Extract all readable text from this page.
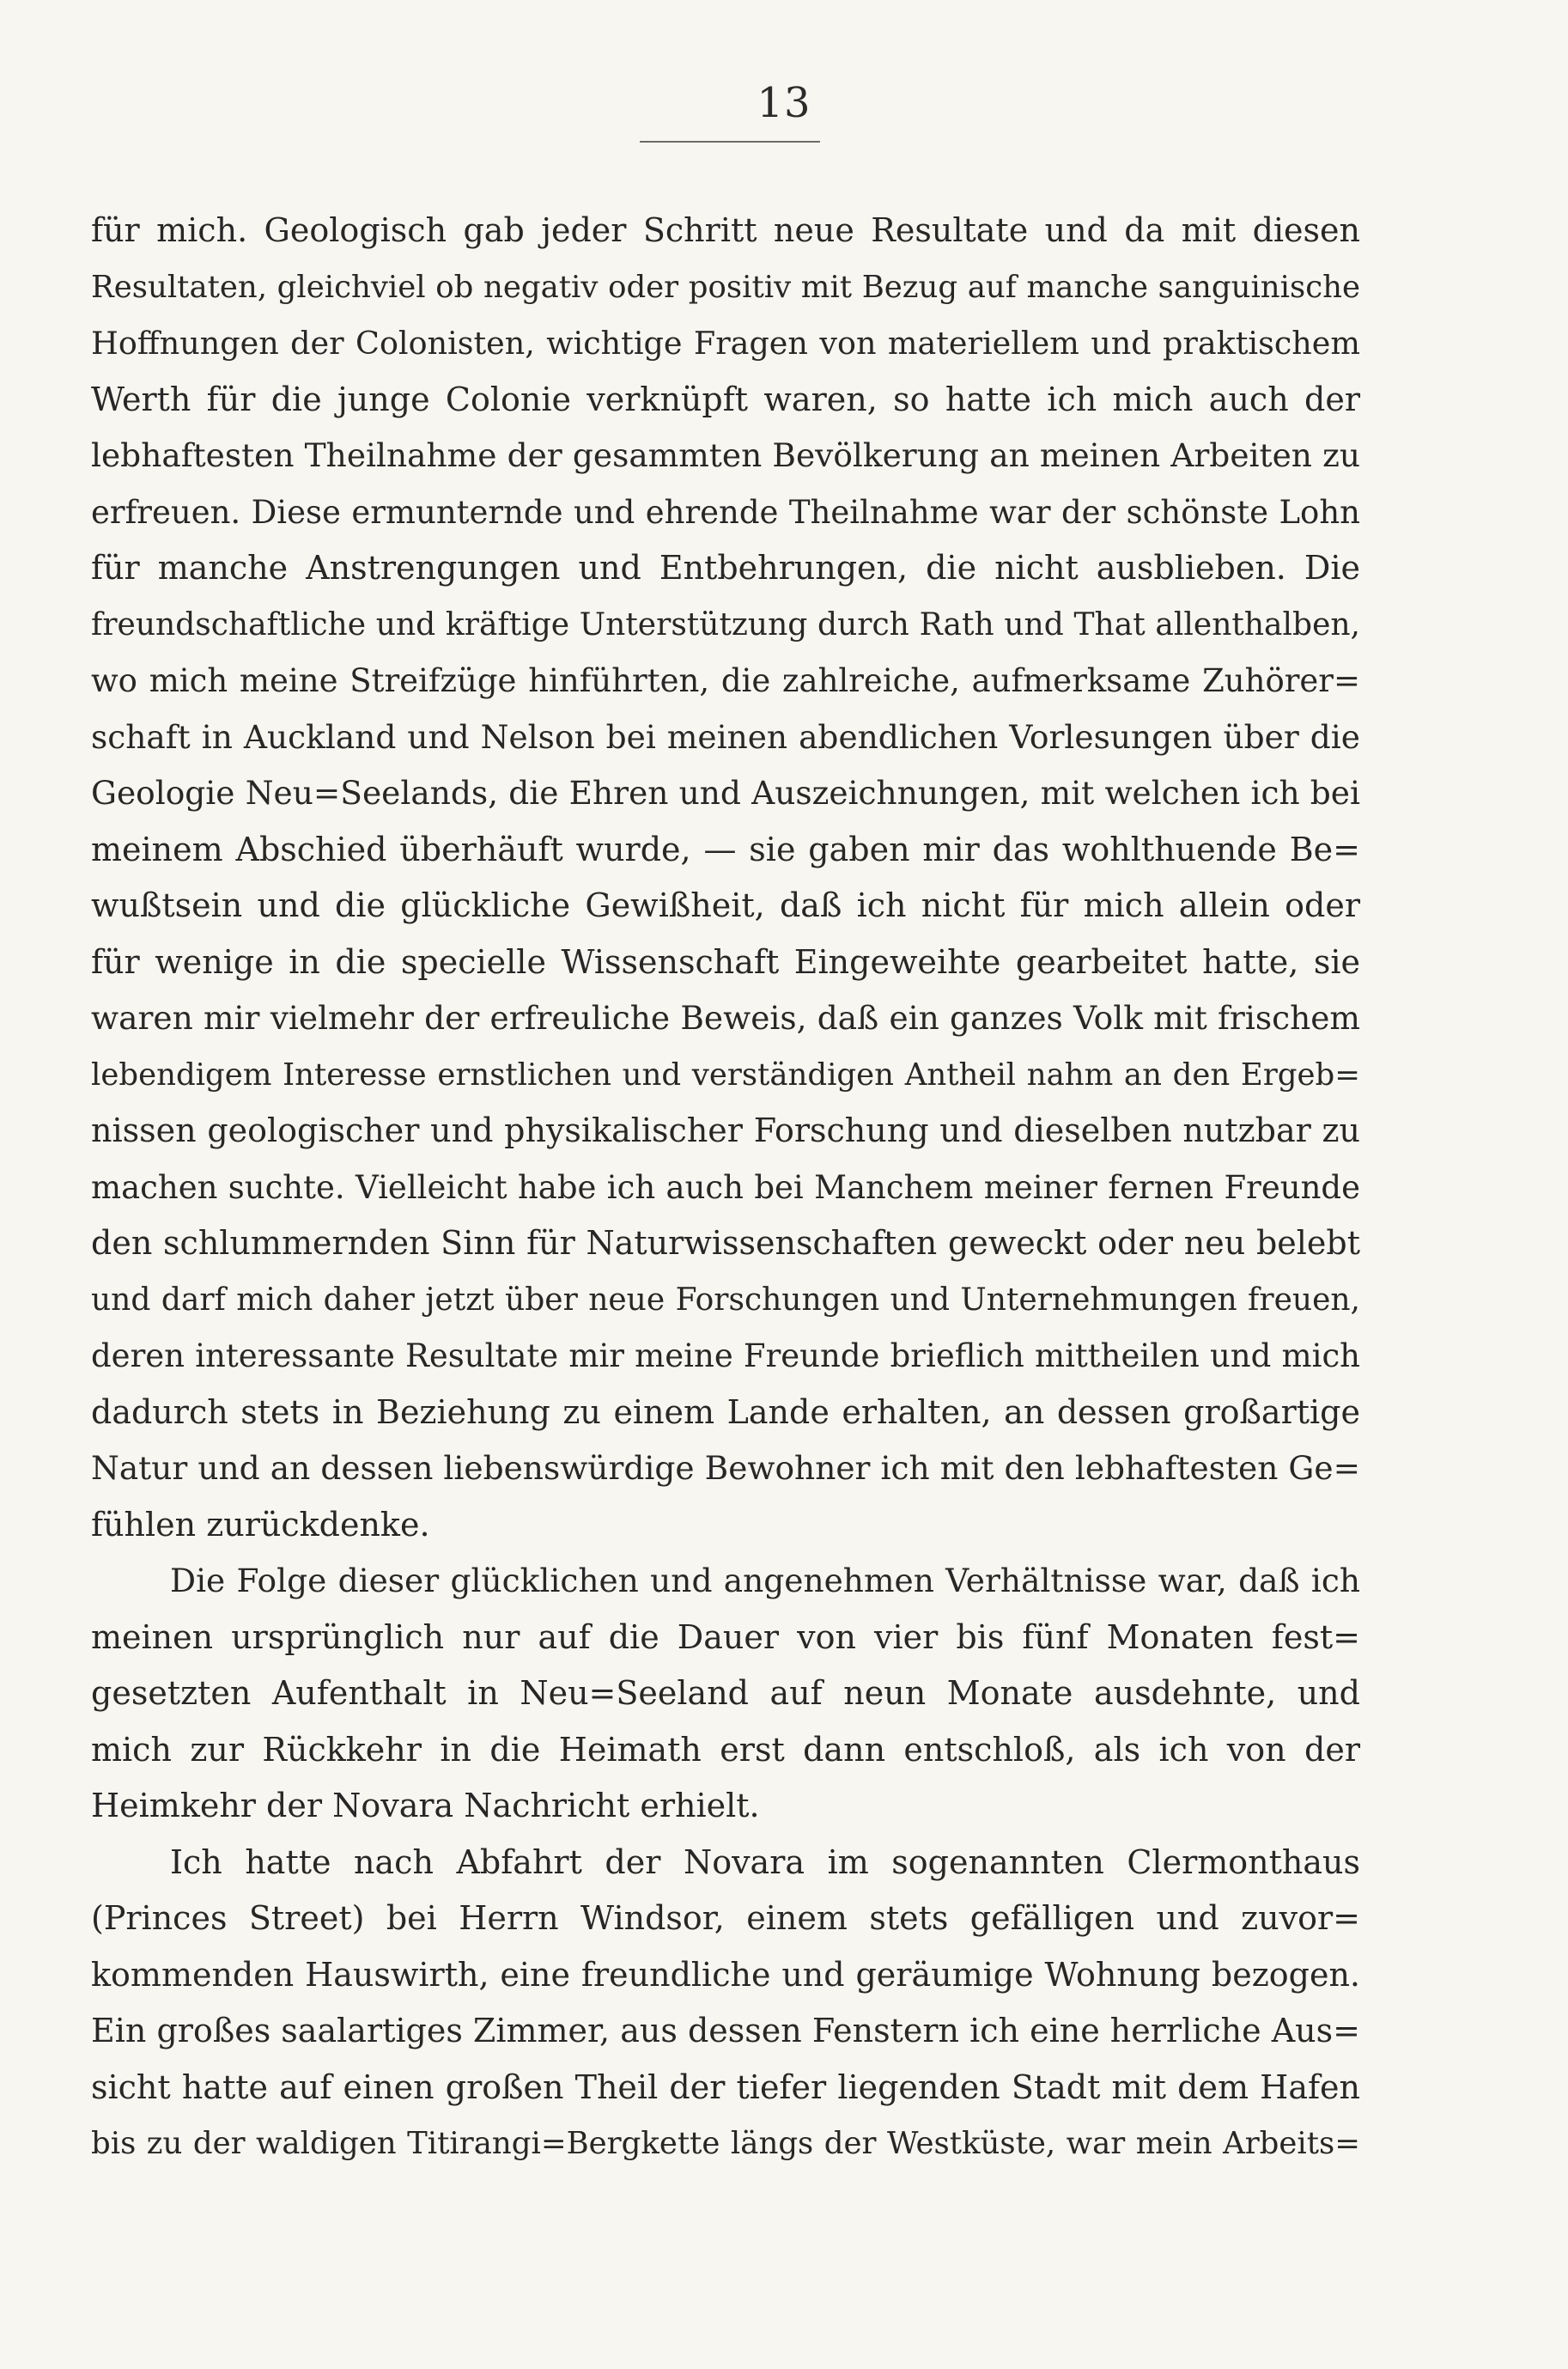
13
für mich. Geologisch gab jeder Schritt neue Resultate und da mit diesen
Resultaten, gleichviel ob negativ oder positiv mit Bezug auf manche sanguinische
Hoffnungen der Colonisten, wichtige Fragen von materiellem und praktischem
Werth für die junge Colonie verknüpft waren, so hatte ich mich auch der
lebhaftesten Theilnahme der gesammten Bevölkerung an meinen Arbeiten zu
erfreuen. Diese ermunternde und ehrende Theilnahme war der schönste Lohn
für manche Anstrengungen und Entbehrungen, die nicht ausblieben. Die
freundschaftliche und kräftige Unterstützung durch Rath und That allenthalben,
wo mich meine Streifzüge hinführten, die zahlreiche, aufmerksame Zuhörer=
schaft in Auckland und Nelson bei meinen abendlichen Vorlesungen über die
Geologie Neu=Seelands, die Ehren und Auszeichnungen, mit welchen ich bei
meinem Abschied überhäuft wurde, — sie gaben mir das wohlthuende Be=
wußtsein und die glückliche Gewißheit, daß ich nicht für mich allein oder
für wenige in die specielle Wissenschaft Eingeweihte gearbeitet hatte, sie
waren mir vielmehr der erfreuliche Beweis, daß ein ganzes Volk mit frischem
lebendigem Interesse ernstlichen und verständigen Antheil nahm an den Ergeb=
nissen geologischer und physikalischer Forschung und dieselben nutzbar zu
machen suchte. Vielleicht habe ich auch bei Manchem meiner fernen Freunde
den schlummernden Sinn für Naturwissenschaften geweckt oder neu belebt
und darf mich daher jetzt über neue Forschungen und Unternehmungen freuen,
deren interessante Resultate mir meine Freunde brieflich mittheilen und mich
dadurch stets in Beziehung zu einem Lande erhalten, an dessen großartige
Natur und an dessen liebenswürdige Bewohner ich mit den lebhaftesten Ge=
fühlen zurückdenke.
Die Folge dieser glücklichen und angenehmen Verhältnisse war, daß ich
meinen ursprünglich nur auf die Dauer von vier bis fünf Monaten fest=
gesetzten Aufenthalt in Neu=Seeland auf neun Monate ausdehnte, und
mich zur Rückkehr in die Heimath erst dann entschloß, als ich von der
Heimkehr der Novara Nachricht erhielt.
Ich hatte nach Abfahrt der Novara im sogenannten Clermonthaus
(Princes Street) bei Herrn Windsor, einem stets gefälligen und zuvor=
kommenden Hauswirth, eine freundliche und geräumige Wohnung bezogen.
Ein großes saalartiges Zimmer, aus dessen Fenstern ich eine herrliche Aus=
sicht hatte auf einen großen Theil der tiefer liegenden Stadt mit dem Hafen
bis zu der waldigen Titirangi=Bergkette längs der Westküste, war mein Arbeits=
